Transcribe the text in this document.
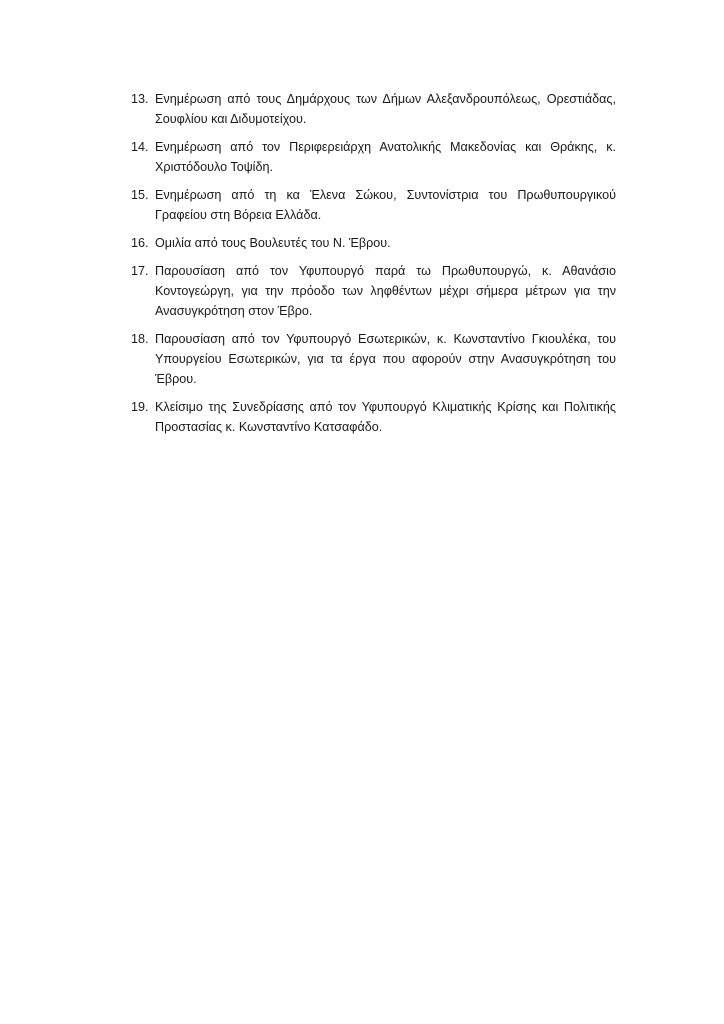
13. Ενημέρωση από τους Δημάρχους των Δήμων Αλεξανδρουπόλεως, Ορεστιάδας, Σουφλίου και Διδυμοτείχου.
14. Ενημέρωση από τον Περιφερειάρχη Ανατολικής Μακεδονίας και Θράκης, κ. Χριστόδουλο Τοψίδη.
15. Ενημέρωση από τη κα Έλενα Σώκου, Συντονίστρια του Πρωθυπουργικού Γραφείου στη Βόρεια Ελλάδα.
16. Ομιλία από τους Βουλευτές του Ν. Έβρου.
17. Παρουσίαση από τον Υφυπουργό παρά τω Πρωθυπουργώ, κ. Αθανάσιο Κοντογεώργη, για την πρόοδο των ληφθέντων μέχρι σήμερα μέτρων για την Ανασυγκρότηση στον Έβρο.
18. Παρουσίαση από τον Υφυπουργό Εσωτερικών, κ. Κωνσταντίνο Γκιουλέκα, του Υπουργείου Εσωτερικών, για τα έργα που αφορούν στην Ανασυγκρότηση του Έβρου.
19. Κλείσιμο της Συνεδρίασης από τον Υφυπουργό Κλιματικής Κρίσης και Πολιτικής Προστασίας κ. Κωνσταντίνο Κατσαφάδο.
